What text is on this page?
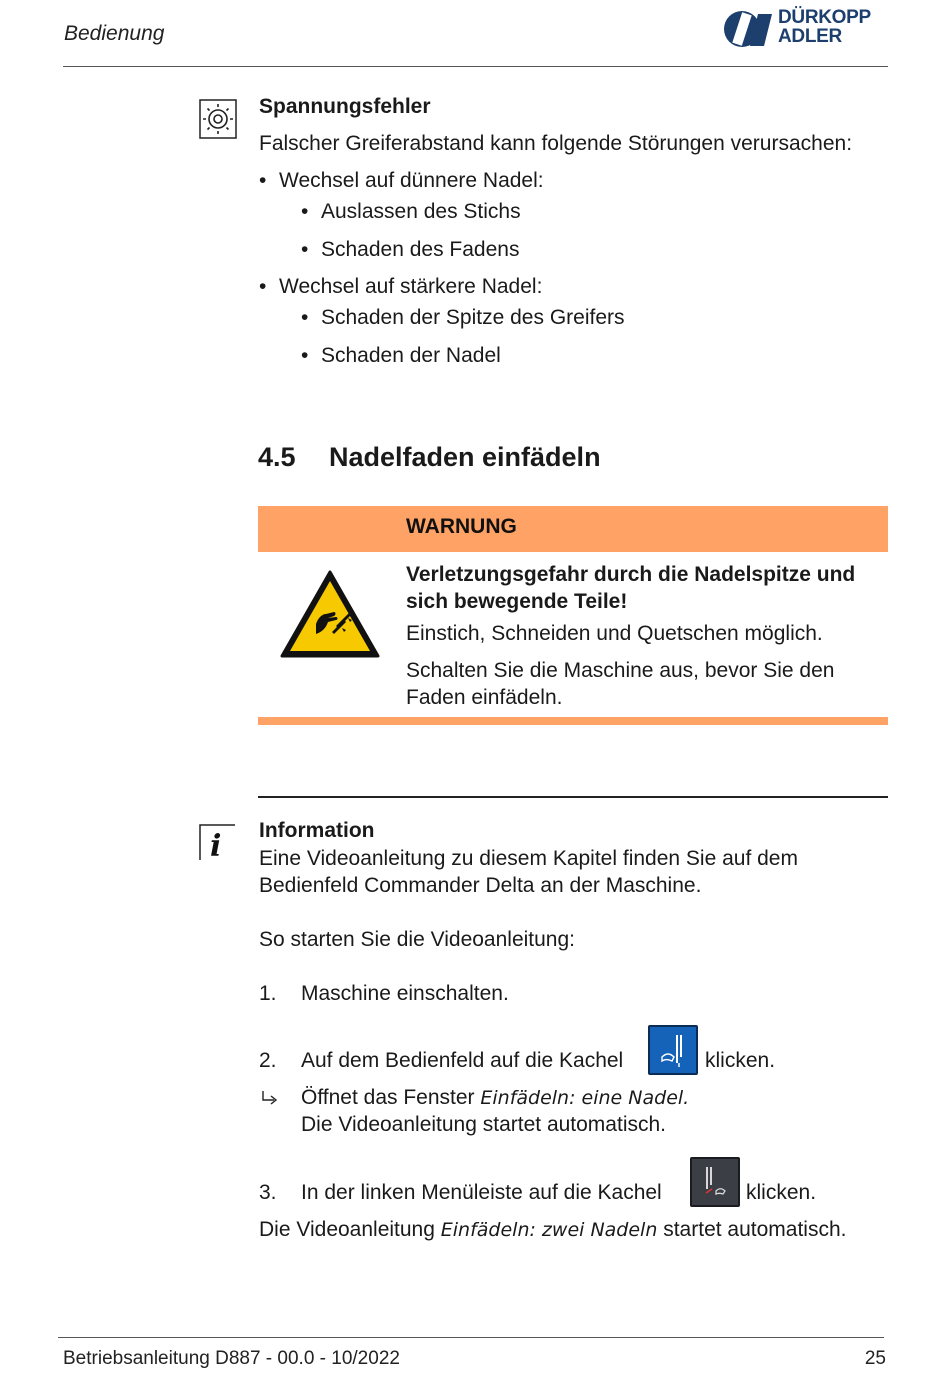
Bedienung
DÜRKOPP
ADLER
Spannungsfehler
Falscher Greiferabstand kann folgende Störungen verursachen:
• Wechsel auf dünnere Nadel:
• Auslassen des Stichs
• Schaden des Fadens
• Wechsel auf stärkere Nadel:
• Schaden der Spitze des Greifers
• Schaden der Nadel
4.5 Nadelfaden einfädeln
WARNUNG
Verletzungsgefahr durch die Nadelspitze und
sich bewegende Teile!
Einstich, Schneiden und Quetschen möglich.
Schalten Sie die Maschine aus, bevor Sie den
Faden einfädeln.
i Information
Eine Videoanleitung zu diesem Kapitel finden Sie auf dem
Bedienfeld Commander Delta an der Maschine.
So starten Sie die Videoanleitung:
1. Maschine einschalten.
2. Auf dem Bedienfeld auf die Kachel	klicken.
Öffnet das Fenster Einfädeln: eine Nadel.
Die Videoanleitung startet automatisch.
3. In der linken Menüleiste auf die Kachel	klicken.
Die Videoanleitung Einfädeln: zwei Nadeln startet automatisch.
Betriebsanleitung D887 - 00.0 - 10/2022	25
